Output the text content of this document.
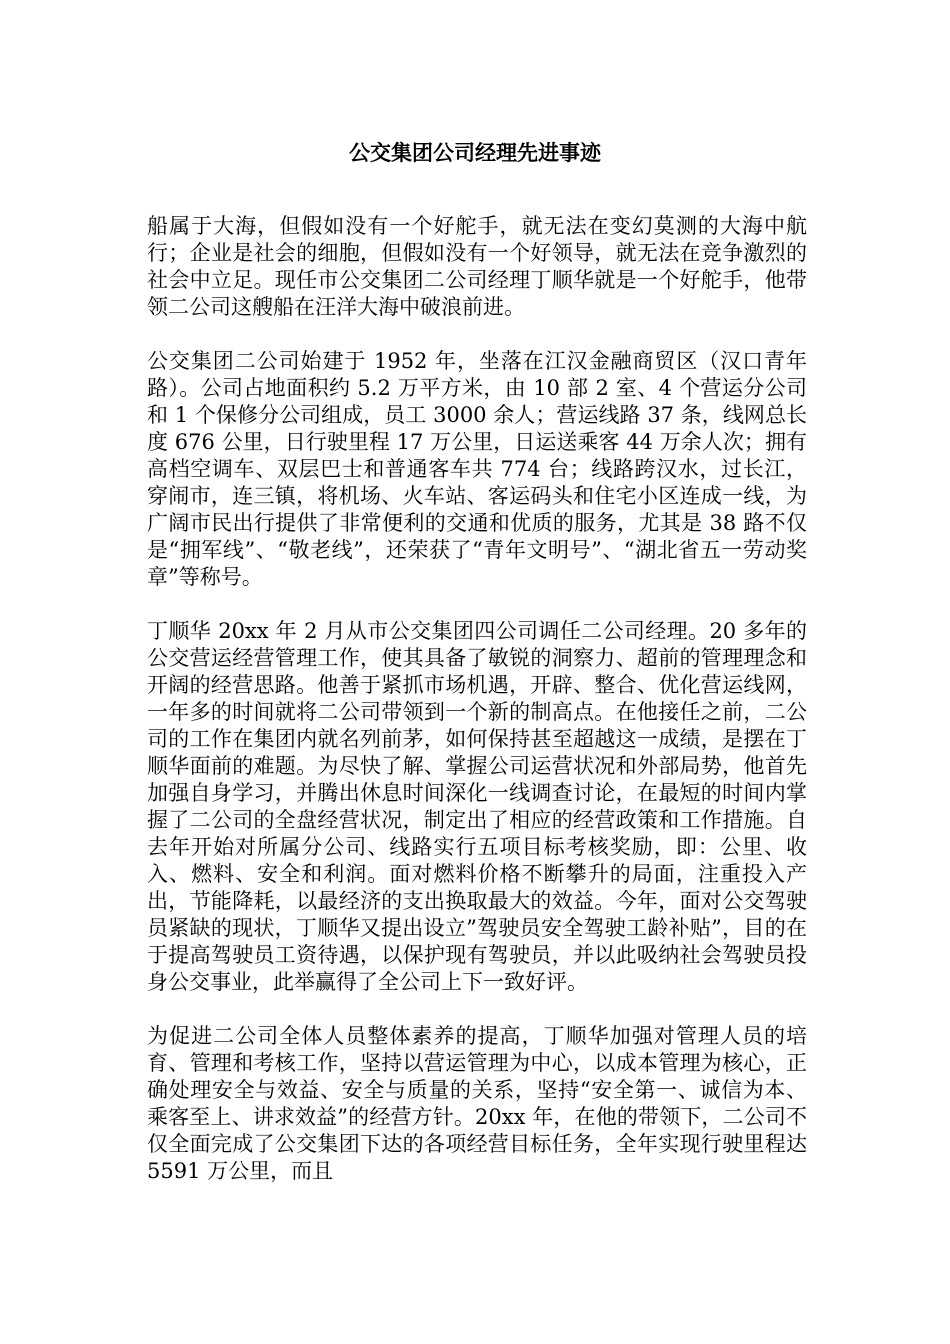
公交集团公司经理先进事迹

船属于大海，但假如没有一个好舵手，就无法在变幻莫测的大海中航行；企业是社会的细胞，但假如没有一个好领导，就无法在竞争激烈的社会中立足。现任市公交集团二公司经理丁顺华就是一个好舵手，他带领二公司这艘船在汪洋大海中破浪前进。

公交集团二公司始建于 1952 年，坐落在江汉金融商贸区（汉口青年路）。公司占地面积约 5.2 万平方米，由 10 部 2 室、4 个营运分公司和 1 个保修分公司组成，员工 3000 余人；营运线路 37 条，线网总长度 676 公里，日行驶里程 17 万公里，日运送乘客 44 万余人次；拥有高档空调车、双层巴士和普通客车共 774 台；线路跨汉水，过长江，穿闹市，连三镇，将机场、火车站、客运码头和住宅小区连成一线，为广阔市民出行提供了非常便利的交通和优质的服务，尤其是 38 路不仅是“拥军线”、“敬老线”，还荣获了“青年文明号”、“湖北省五一劳动奖章”等称号。

丁顺华 20xx 年 2 月从市公交集团四公司调任二公司经理。20 多年的公交营运经营管理工作，使其具备了敏锐的洞察力、超前的管理理念和开阔的经营思路。他善于紧抓市场机遇，开辟、整合、优化营运线网，一年多的时间就将二公司带领到一个新的制高点。在他接任之前，二公司的工作在集团内就名列前茅，如何保持甚至超越这一成绩，是摆在丁顺华面前的难题。为尽快了解、掌握公司运营状况和外部局势，他首先加强自身学习，并腾出休息时间深化一线调查讨论，在最短的时间内掌握了二公司的全盘经营状况，制定出了相应的经营政策和工作措施。自去年开始对所属分公司、线路实行五项目标考核奖励，即：公里、收入、燃料、安全和利润。面对燃料价格不断攀升的局面，注重投入产出，节能降耗，以最经济的支出换取最大的效益。今年，面对公交驾驶员紧缺的现状，丁顺华又提出设立”驾驶员安全驾驶工龄补贴”，目的在于提高驾驶员工资待遇，以保护现有驾驶员，并以此吸纳社会驾驶员投身公交事业，此举赢得了全公司上下一致好评。

为促进二公司全体人员整体素养的提高，丁顺华加强对管理人员的培育、管理和考核工作，坚持以营运管理为中心，以成本管理为核心，正确处理安全与效益、安全与质量的关系，坚持“安全第一、诚信为本、乘客至上、讲求效益”的经营方针。20xx 年，在他的带领下，二公司不仅全面完成了公交集团下达的各项经营目标任务，全年实现行驶里程达 5591 万公里，而且
